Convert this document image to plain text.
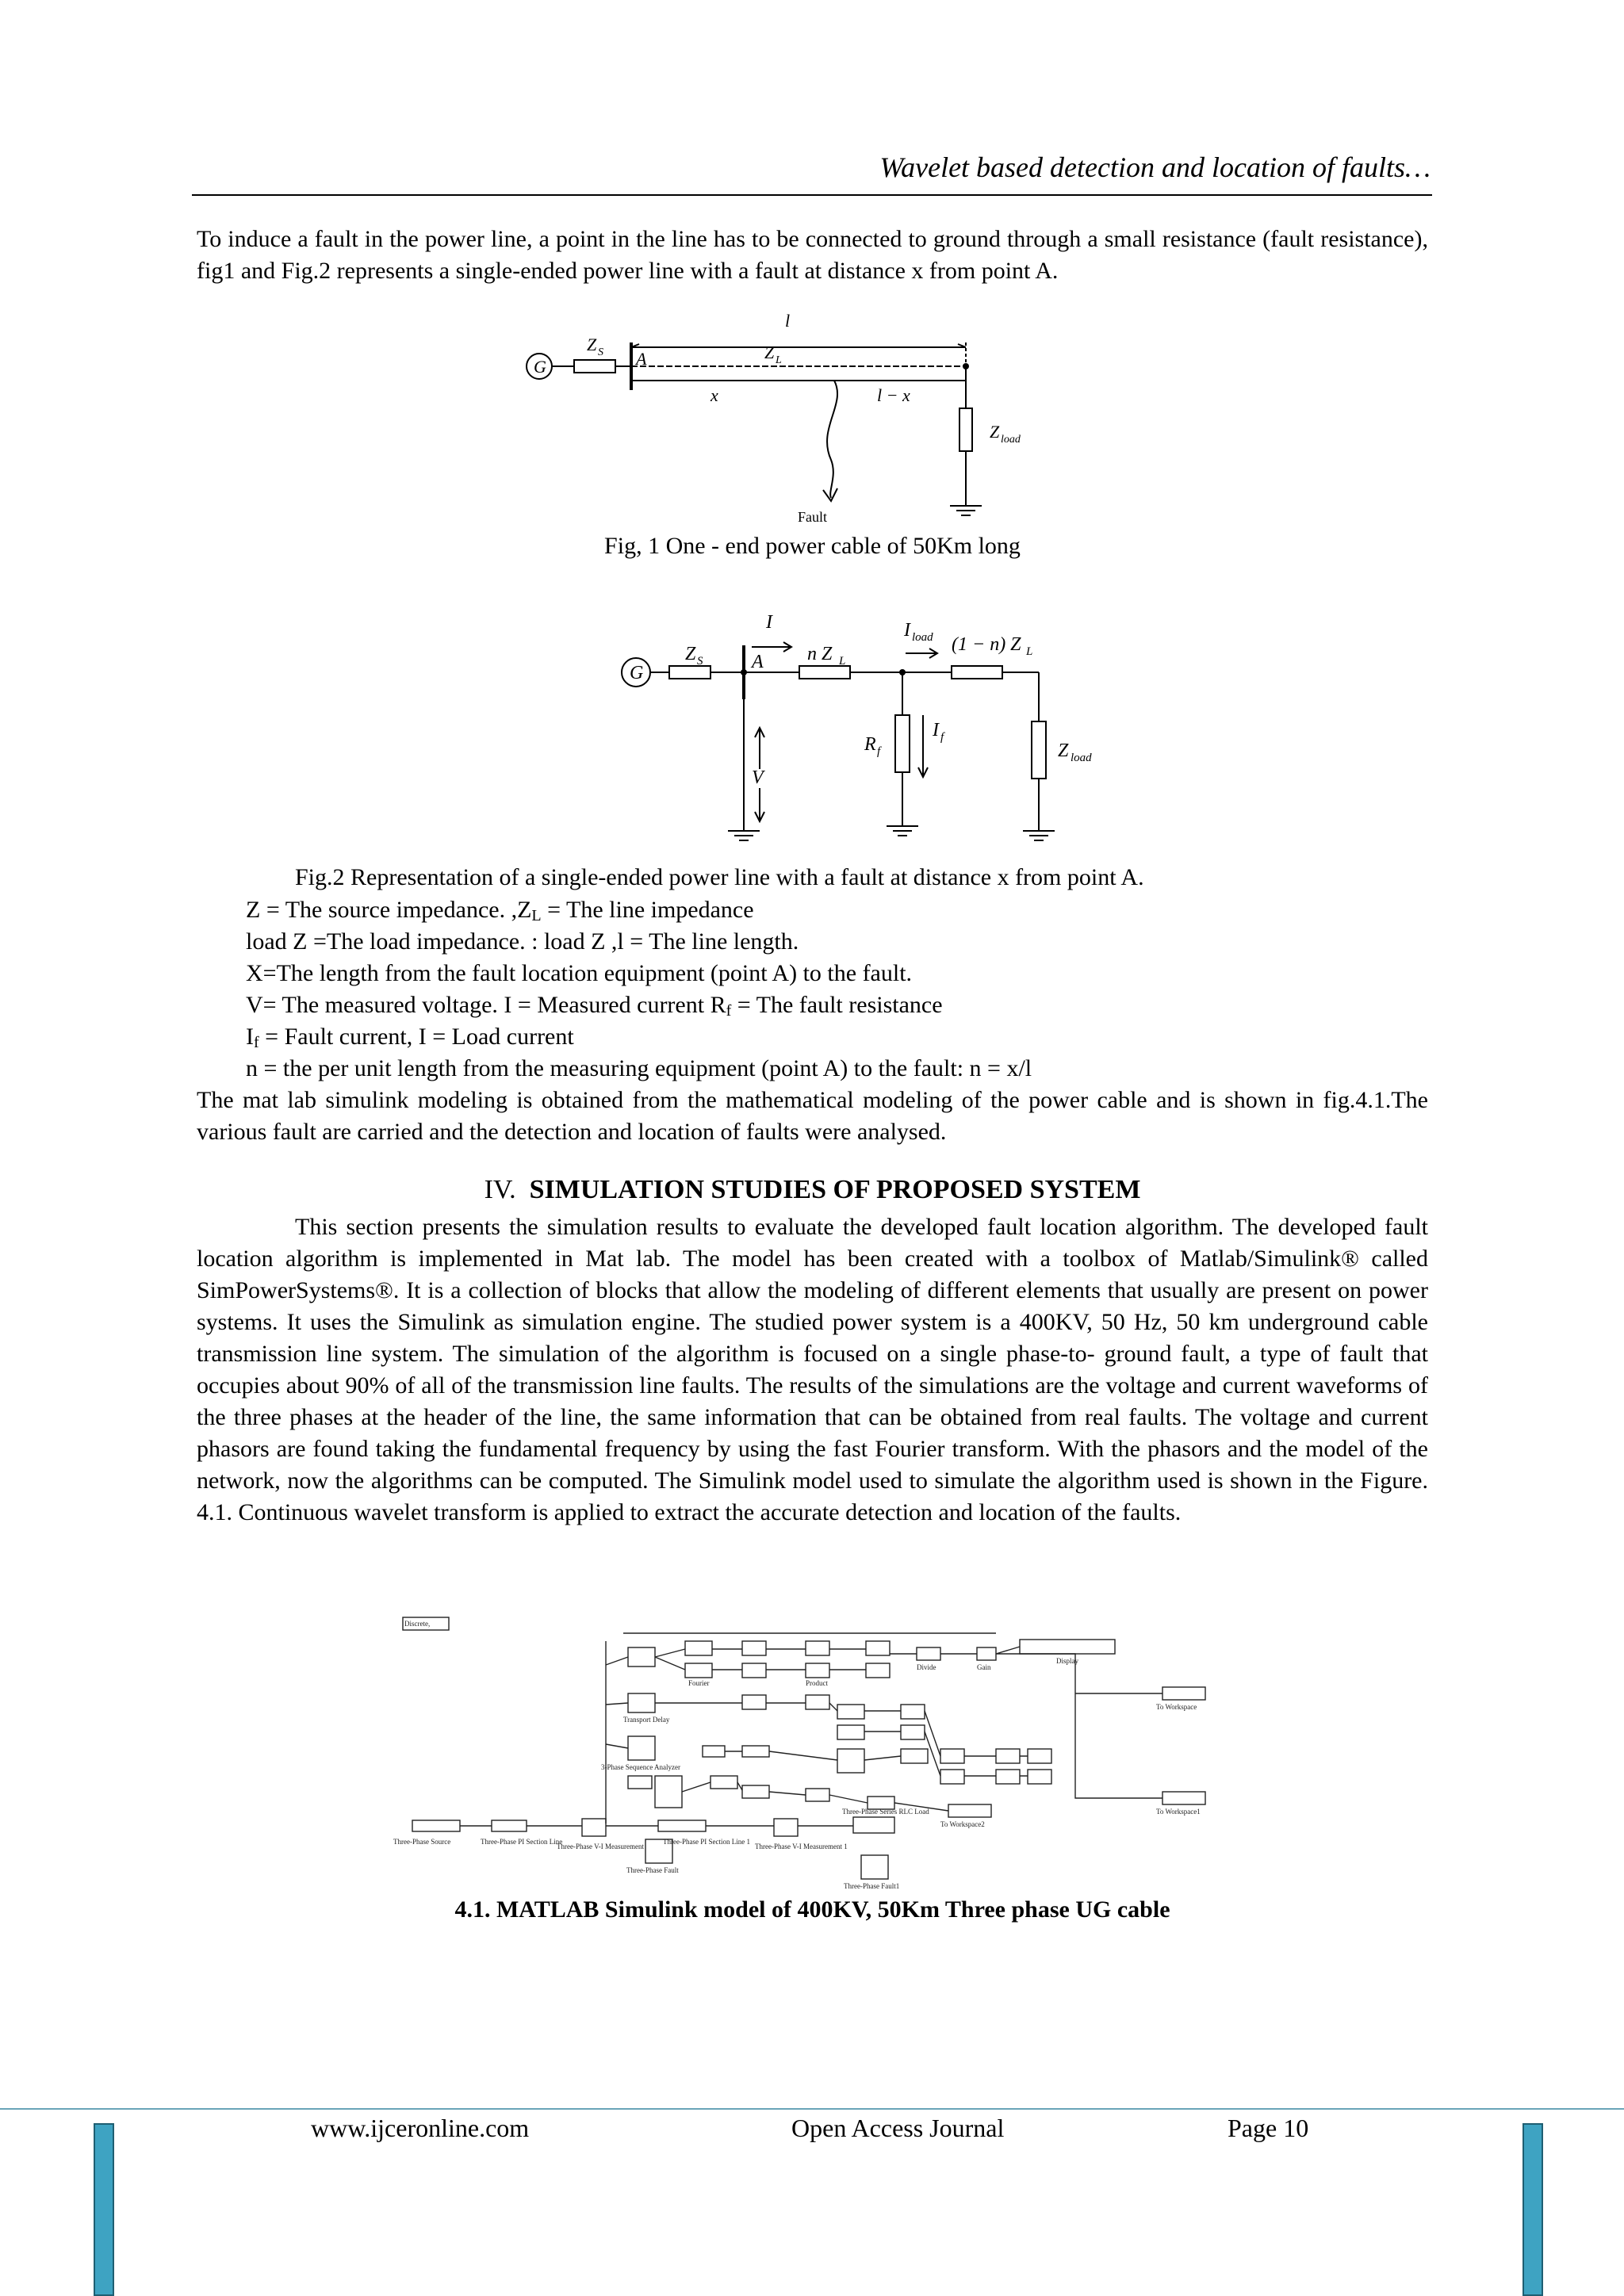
Wavelet based detection and location of faults…
To induce a fault in the power line, a point in the line has to be connected to ground through a small resistance (fault resistance), fig1 and Fig.2 represents a single-ended power line with a fault at distance x from point A.
G
Z S A
l
Z L
x	l − x
Z load
Fault
Fig, 1 One - end power cable of 50Km long
G
Z S	A
I
n Z L
I load (1 − n) Z L
R f
I f
V
Z load
Fig.2 Representation of a single-ended power line with a fault at distance x from point A.
Z = The source impedance. $,Z_L$ = The line impedance
load Z =The load impedance. : load Z ,l = The line length.
X=The length from the fault location equipment (point A) to the fault.
V= The measured voltage. I = Measured current $R_f$ = The fault resistance
$I_f$ = Fault current, I = Load current
n = the per unit length from the measuring equipment (point A) to the fault: n = x/l
The mat lab simulink modeling is obtained from the mathematical modeling of the power cable and is shown in fig.4.1.The various fault are carried and the detection and location of faults were analysed.
IV. SIMULATION STUDIES OF PROPOSED SYSTEM
This section presents the simulation results to evaluate the developed fault location algorithm. The developed fault location algorithm is implemented in Mat lab. The model has been created with a toolbox of Matlab/Simulink® called SimPowerSystems®. It is a collection of blocks that allow the modeling of different elements that usually are present on power systems. It uses the Simulink as simulation engine. The studied power system is a 400KV, 50 Hz, 50 km underground cable transmission line system. The simulation of the algorithm is focused on a single phase-to- ground fault, a type of fault that occupies about 90% of all of the transmission line faults. The results of the simulations are the voltage and current waveforms of the three phases at the header of the line, the same information that can be obtained from real faults. The voltage and current phasors are found taking the fundamental frequency by using the fast Fourier transform. With the phasors and the model of the network, now the algorithms can be computed. The Simulink model used to simulate the algorithm used is shown in the Figure. 4.1. Continuous wavelet transform is applied to extract the accurate detection and location of the faults.
Discrete,
Three-Phase Source	Three-Phase PI Section Line
Three-Phase V-I Measurement
Three-Phase Fault
Three-Phase PI Section Line 1
Three-Phase V-I Measurement 1
Three-Phase Fault1
Three-Phase Series RLC Load
Display
To Workspace
To Workspace1
To Workspace2
Fourier	Product
Gain
Divide
Transport Delay
3-Phase Sequence Analyzer
4.1. MATLAB Simulink model of 400KV, 50Km Three phase UG cable
www.ijceronline.com	Open Access Journal	Page 10
